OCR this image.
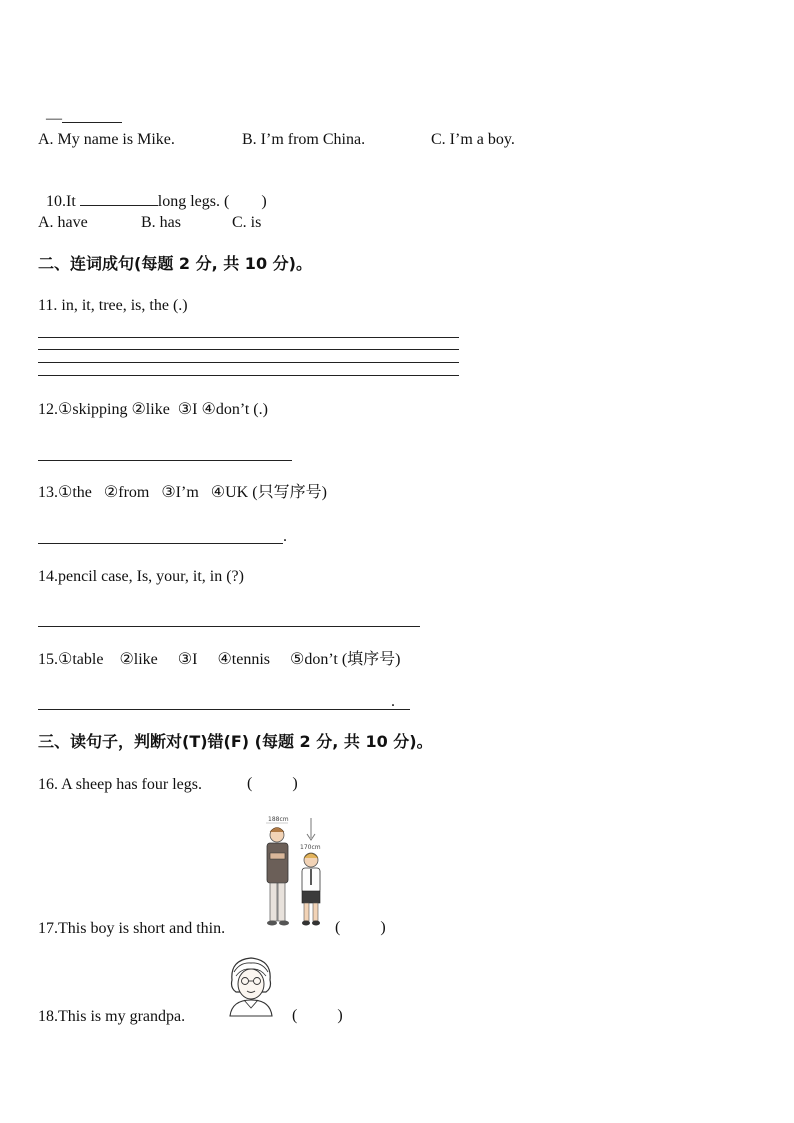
—

A. My name is Mike.	B. I’m from China.	C. I’m a boy.

10.It	long legs. (        )

A. have	B. has	C. is
二、连词成句(每题 2 分, 共 10 分)。
11. in, it, tree, is, the (.)
12.①skipping ②like  ③I ④don’t (.)
13.①the   ②from   ③I’m   ④UK (只写序号)
.
14.pencil case, Is, your, it, in (?)
15.①table    ②like     ③I     ④tennis     ⑤don’t (填序号)
.
三、读句子，判断对(T)错(F) (每题 2 分, 共 10 分)。
16. A sheep has four legs.	(          )
17.This boy is short and thin.
188cm
170cm
(          )
18.This is my grandpa.	(          )
